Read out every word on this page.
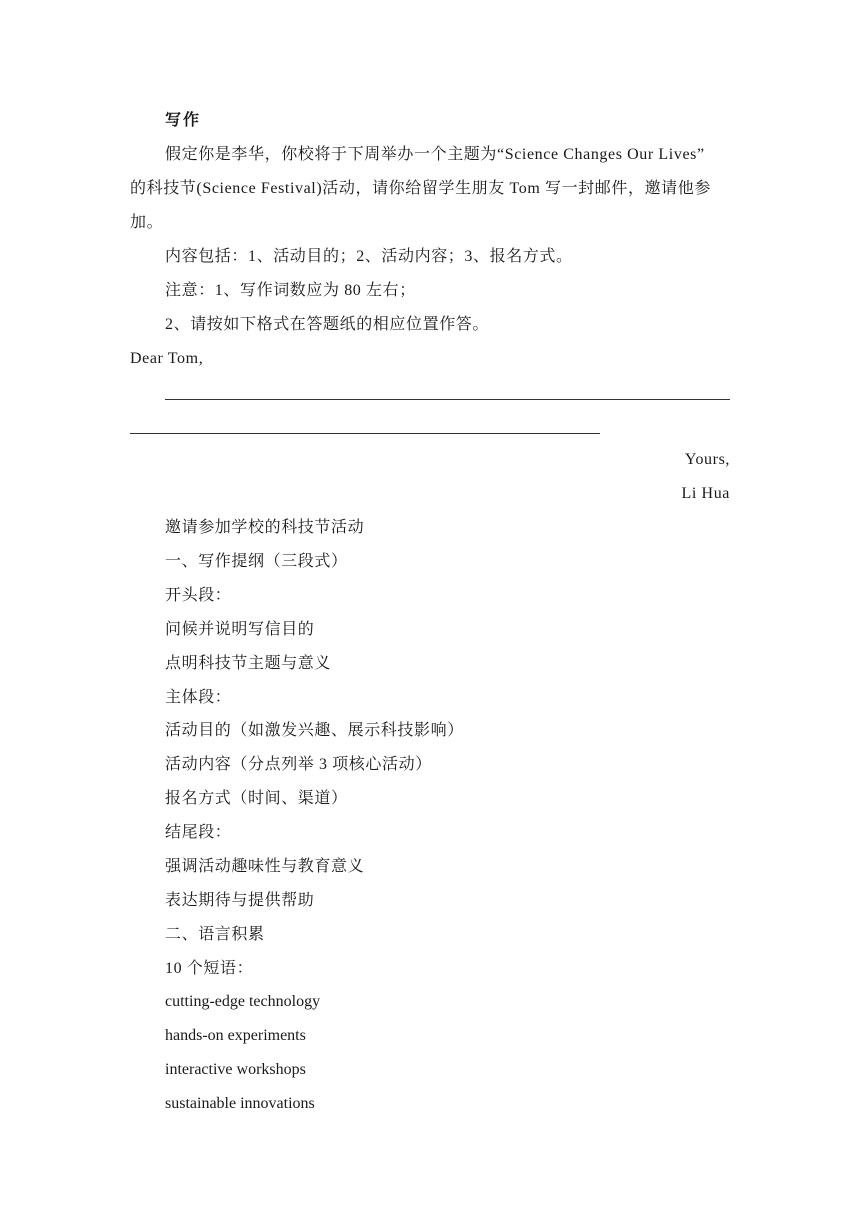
写作
假定你是李华，你校将于下周举办一个主题为“Science Changes Our Lives”
的科技节(Science Festival)活动，请你给留学生朋友 Tom 写一封邮件，邀请他参
加。
内容包括：1、活动目的；2、活动内容；3、报名方式。
注意：1、写作词数应为 80 左右；
2、请按如下格式在答题纸的相应位置作答。
Dear Tom,
Yours,
Li Hua
邀请参加学校的科技节活动
一、写作提纲（三段式）
开头段：
问候并说明写信目的
点明科技节主题与意义
主体段：
活动目的（如激发兴趣、展示科技影响）
活动内容（分点列举 3 项核心活动）
报名方式（时间、渠道）
结尾段：
强调活动趣味性与教育意义
表达期待与提供帮助
二、语言积累
10 个短语：
cutting-edge technology
hands-on experiments
interactive workshops
sustainable innovations
